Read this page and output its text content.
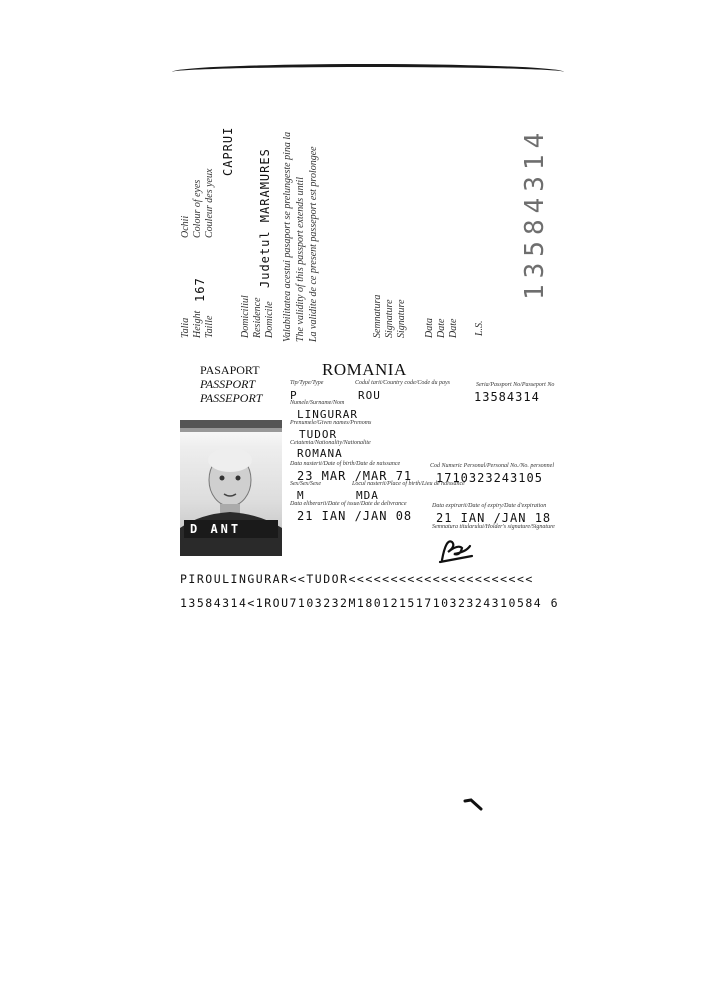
Talia Height Taille
167
Ochii Colour of eyes Couleur des yeux
CAPRUI
Domiciliul Residence Domicile
Judetul MARAMURES Valabilitatea acestui pasaport se prelungeste pina la The validity of this passport extends until La validite de ce present passeport est prolongee	Semnatura Signature Signature Data Date Date L.S.
13584314
PASAPORT
PASSPORT
PASSEPORT
ROMANIA
Tip/Type/Type
P
Codul tarii/Country code/Code du pays
ROU
Seria/Passport No/Passeport No
13584314
Numele/Surname/Nom
LINGURAR
Prenumele/Given names/Prenoms
TUDOR
Cetatenia/Nationality/Nationalite
ROMANA
Data nasterii/Date of birth/Date de naissance
23 MAR /MAR 71
Cod Numeric Personal/Personal No./No. personnel
1710323243105
Sex/Sex/Sexe
M
Locul nasterii/Place of birth/Lieu de naissance
MDA
Data eliberarii/Date of issue/Date de delivrance
21 IAN /JAN 08
Data expirarii/Date of expiry/Date d'expiration
21 IAN /JAN 18
Semnatura titularului/Holder's signature/Signature
D ANT
PIROULINGURAR<<TUDOR<<<<<<<<<<<<<<<<<<<<<<
13584314<1ROU7103232M1801215171032324310584 6
